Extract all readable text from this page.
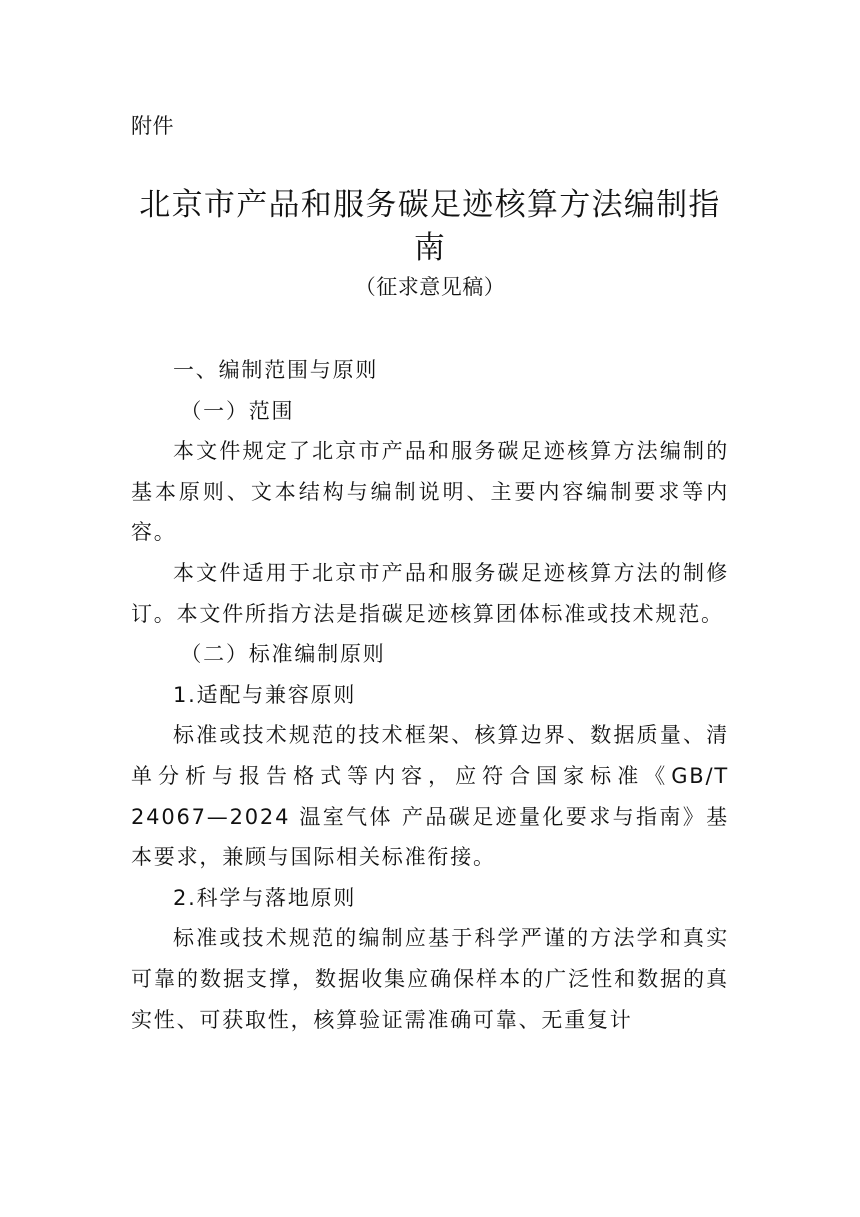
附件
北京市产品和服务碳足迹核算方法编制指南
（征求意见稿）

一、编制范围与原则

（一）范围

本文件规定了北京市产品和服务碳足迹核算方法编制的基本原则、文本结构与编制说明、主要内容编制要求等内容。

本文件适用于北京市产品和服务碳足迹核算方法的制修订。本文件所指方法是指碳足迹核算团体标准或技术规范。

（二）标准编制原则

1.适配与兼容原则

标准或技术规范的技术框架、核算边界、数据质量、清单分析与报告格式等内容，应符合国家标准《GB/T 24067—2024 温室气体 产品碳足迹量化要求与指南》基本要求，兼顾与国际相关标准衔接。

2.科学与落地原则

标准或技术规范的编制应基于科学严谨的方法学和真实可靠的数据支撑，数据收集应确保样本的广泛性和数据的真实性、可获取性，核算验证需准确可靠、无重复计
